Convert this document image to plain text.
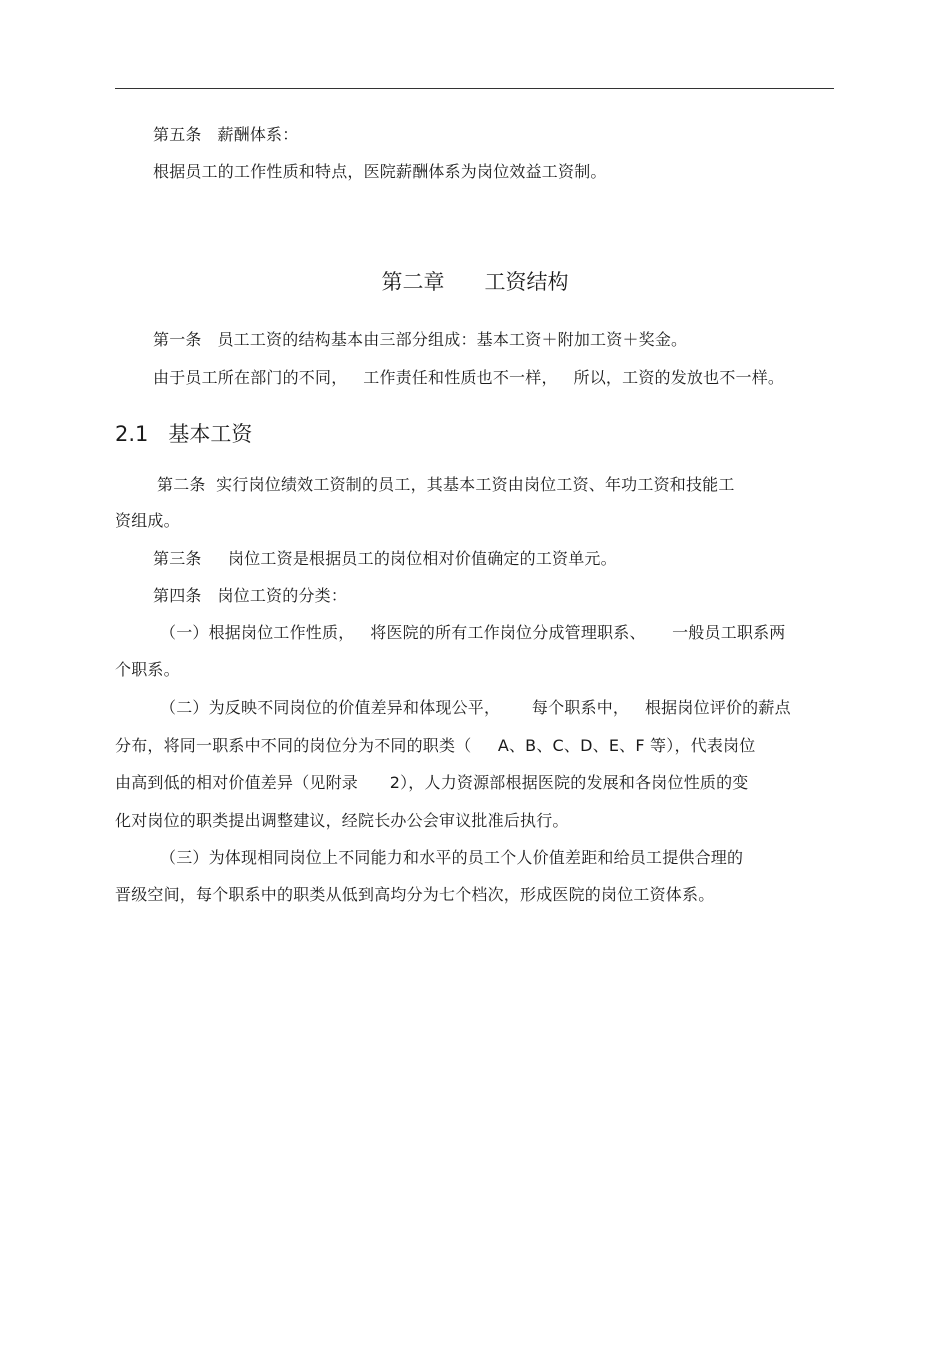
第五条   薪酬体系：
根据员工的工作性质和特点，医院薪酬体系为岗位效益工资制。
第二章      工资结构
第一条   员工工资的结构基本由三部分组成：基本工资＋附加工资＋奖金。
由于员工所在部门的不同，   工作责任和性质也不一样，   所以，工资的发放也不一样。
2.1   基本工资
第二条  实行岗位绩效工资制的员工，其基本工资由岗位工资、年功工资和技能工
资组成。
第三条     岗位工资是根据员工的岗位相对价值确定的工资单元。
第四条   岗位工资的分类：
（一）根据岗位工作性质，   将医院的所有工作岗位分成管理职系、     一般员工职系两
个职系。
（二）为反映不同岗位的价值差异和体现公平，      每个职系中，   根据岗位评价的薪点
分布，将同一职系中不同的岗位分为不同的职类（     A、B、C、D、E、F 等），代表岗位
由高到低的相对价值差异（见附录      2），人力资源部根据医院的发展和各岗位性质的变
化对岗位的职类提出调整建议，经院长办公会审议批准后执行。
（三）为体现相同岗位上不同能力和水平的员工个人价值差距和给员工提供合理的
晋级空间，每个职系中的职类从低到高均分为七个档次，形成医院的岗位工资体系。
